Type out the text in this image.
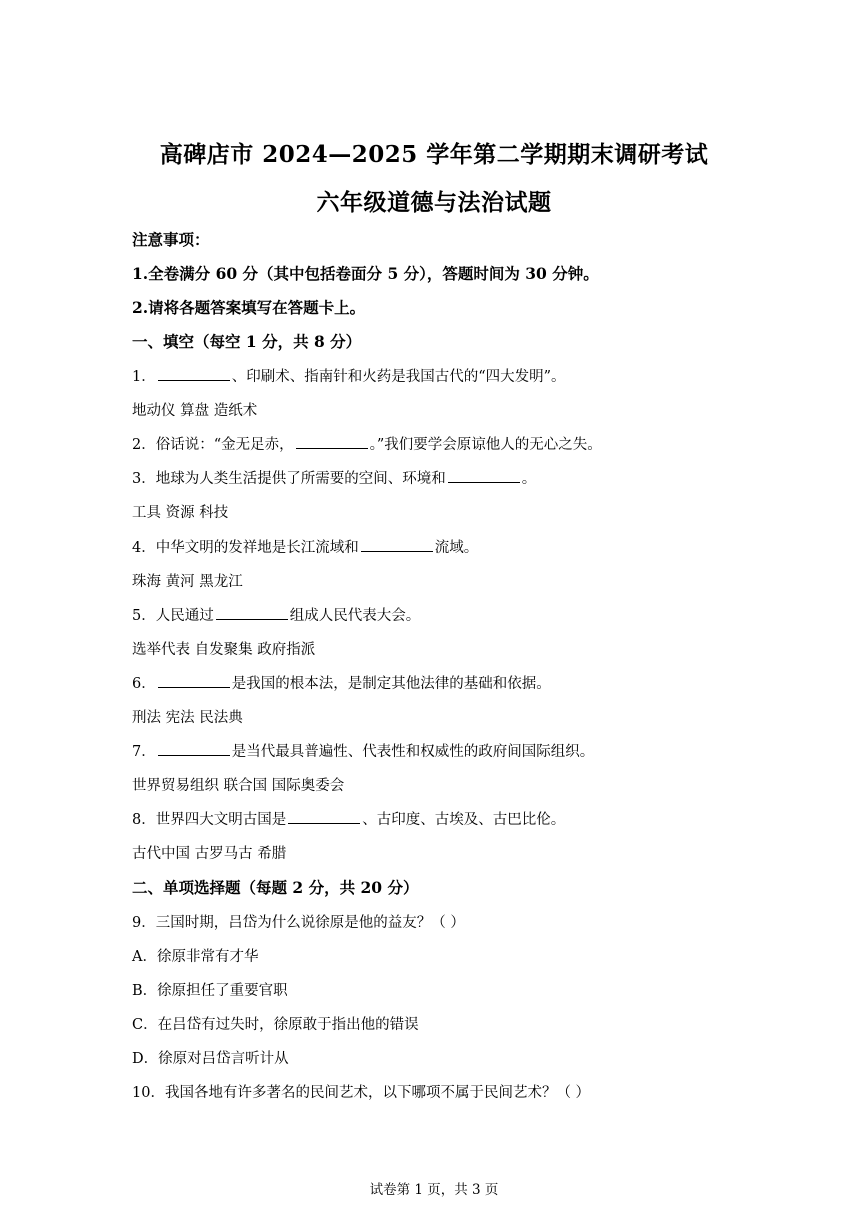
高碑店市 2024—2025 学年第二学期期末调研考试
六年级道德与法治试题
注意事项：
1.全卷满分 60 分（其中包括卷面分 5 分），答题时间为 30 分钟。
2.请将各题答案填写在答题卡上。
一、填空（每空 1 分，共 8 分）
1．	、印刷术、指南针和火药是我国古代的“四大发明”。
地动仪 算盘 造纸术
2．俗话说：“金无足赤，	。”我们要学会原谅他人的无心之失。
3．地球为人类生活提供了所需要的空间、环境和	。
工具 资源 科技
4．中华文明的发祥地是长江流域和	流域。
珠海 黄河 黑龙江
5．人民通过	组成人民代表大会。
选举代表 自发聚集 政府指派
6．	是我国的根本法，是制定其他法律的基础和依据。
刑法 宪法 民法典
7．	是当代最具普遍性、代表性和权威性的政府间国际组织。
世界贸易组织 联合国 国际奥委会
8．世界四大文明古国是	、古印度、古埃及、古巴比伦。
古代中国 古罗马古 希腊
二、单项选择题（每题 2 分，共 20 分）
9．三国时期，吕岱为什么说徐原是他的益友？（ ）
A．徐原非常有才华
B．徐原担任了重要官职
C．在吕岱有过失时，徐原敢于指出他的错误
D．徐原对吕岱言听计从
10．我国各地有许多著名的民间艺术，以下哪项不属于民间艺术？（ ）
试卷第 1 页，共 3 页
